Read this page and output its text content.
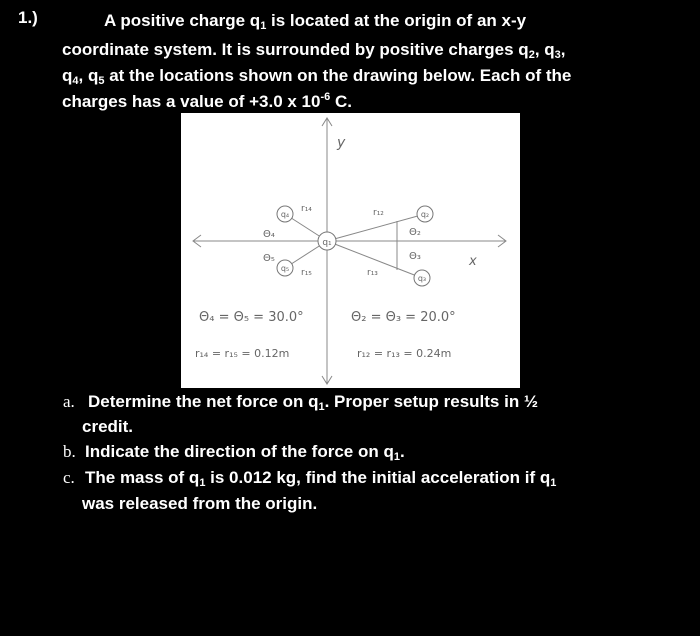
1.)	A positive charge $q_1$ is located at the origin of an x-y
coordinate system. It is surrounded by positive charges $q_2$, $q_3$,
$q_4$, $q_5$ at the locations shown on the drawing below. Each of the
charges has a value of +3.0 x $10^{-6}$ C.
y
x
q₁
q₂
q₃
q₄
q₅
Θ₄
Θ₅
Θ₂
Θ₃
r₁₄
r₁₅
r₁₂
r₁₃
Θ₄ = Θ₅ = 30.0°	Θ₂ = Θ₃ = 20.0°
r₁₄ = r₁₅ = 0.12m	r₁₂ = r₁₃ = 0.24m
a. Determine the net force on $q_1$. Proper setup results in ½
credit.
b. Indicate the direction of the force on $q_1$.
c. The mass of $q_1$ is 0.012 kg, find the initial acceleration if $q_1$
was released from the origin.
